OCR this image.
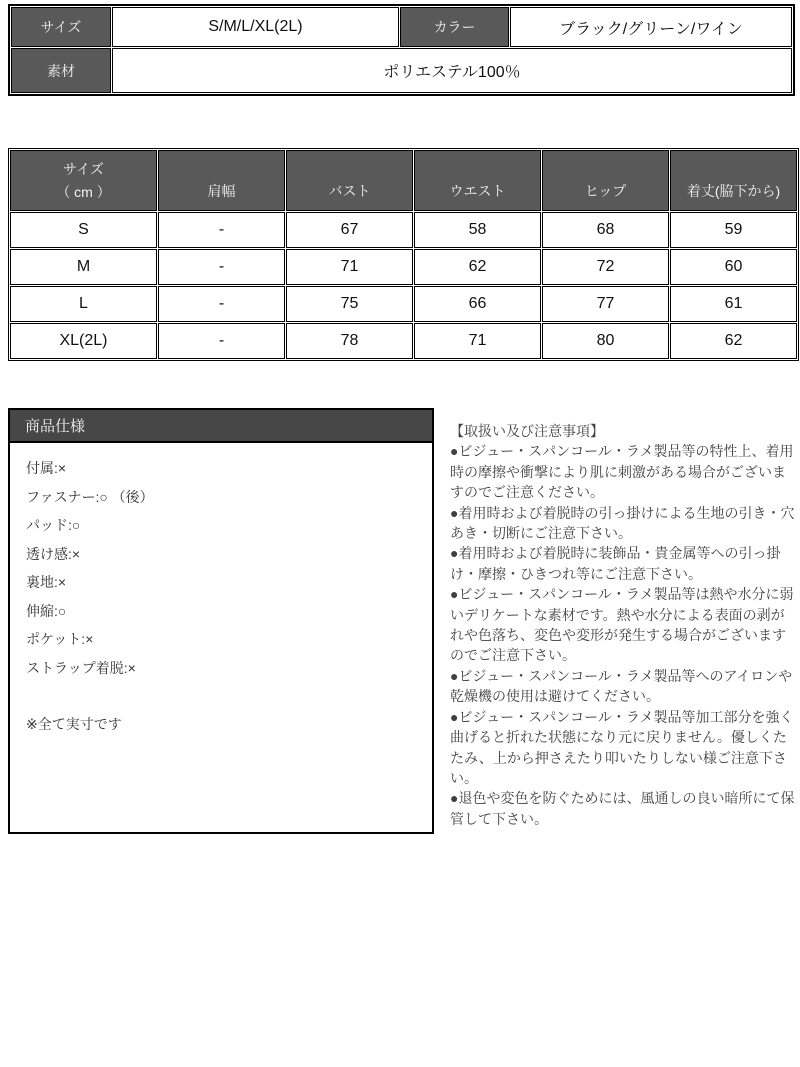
サイズ	S/M/L/XL(2L)	カラー	ブラック/グリーン/ワイン
素材	ポリエステル100％		
サイズ
（ cm ）	肩幅	バスト	ウエスト	ヒップ	着丈(脇下から)
S	-	67	58	68	59
M	-	71	62	72	60
L	-	75	66	77	61
XL(2L)	-	78	71	80	62
商品仕様
付属:×
ファスナー:○ （後）
パッド:○
透け感:×
裏地:×
伸縮:○
ポケット:×
ストラップ着脱:×
※全て実寸です

【取扱い及び注意事項】

●ビジュー・スパンコール・ラメ製品等の特性上、着用時の摩擦や衝撃により肌に刺激がある場合がございますのでご注意ください。

●着用時および着脱時の引っ掛けによる生地の引き・穴あき・切断にご注意下さい。

●着用時および着脱時に装飾品・貴金属等への引っ掛け・摩擦・ひきつれ等にご注意下さい。

●ビジュー・スパンコール・ラメ製品等は熱や水分に弱いデリケートな素材です。熱や水分による表面の剥がれや色落ち、変色や変形が発生する場合がございますのでご注意下さい。

●ビジュー・スパンコール・ラメ製品等へのアイロンや乾燥機の使用は避けてください。

●ビジュー・スパンコール・ラメ製品等加工部分を強く曲げると折れた状態になり元に戻りません。優しくたたみ、上から押さえたり叩いたりしない様ご注意下さい。

●退色や変色を防ぐためには、風通しの良い暗所にて保管して下さい。
